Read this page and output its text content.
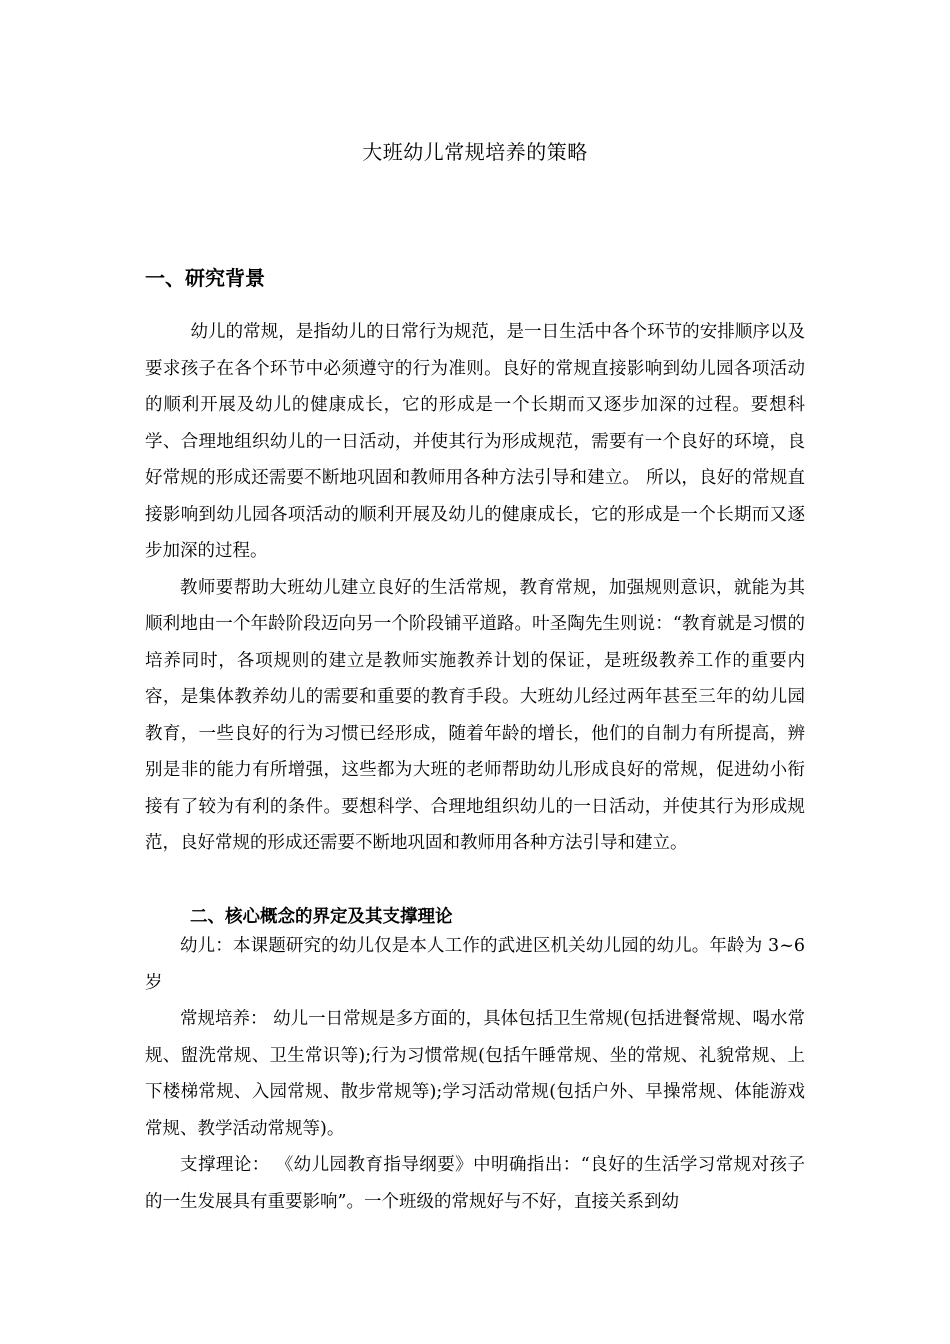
大班幼儿常规培养的策略
一、研究背景

幼儿的常规，是指幼儿的日常行为规范，是一日生活中各个环节的安排顺序以及要求孩子在各个环节中必须遵守的行为准则。良好的常规直接影响到幼儿园各项活动的顺利开展及幼儿的健康成长，它的形成是一个长期而又逐步加深的过程。要想科学、合理地组织幼儿的一日活动，并使其行为形成规范，需要有一个良好的环境，良好常规的形成还需要不断地巩固和教师用各种方法引导和建立。 所以，良好的常规直接影响到幼儿园各项活动的顺利开展及幼儿的健康成长，它的形成是一个长期而又逐步加深的过程。

教师要帮助大班幼儿建立良好的生活常规，教育常规，加强规则意识，就能为其顺利地由一个年龄阶段迈向另一个阶段铺平道路。叶圣陶先生则说：“教育就是习惯的培养同时，各项规则的建立是教师实施教养计划的保证，是班级教养工作的重要内容，是集体教养幼儿的需要和重要的教育手段。大班幼儿经过两年甚至三年的幼儿园教育，一些良好的行为习惯已经形成，随着年龄的增长，他们的自制力有所提高，辨别是非的能力有所增强，这些都为大班的老师帮助幼儿形成良好的常规，促进幼小衔接有了较为有利的条件。要想科学、合理地组织幼儿的一日活动，并使其行为形成规范，良好常规的形成还需要不断地巩固和教师用各种方法引导和建立。

二、核心概念的界定及其支撑理论

幼儿：本课题研究的幼儿仅是本人工作的武进区机关幼儿园的幼儿。年龄为 3~6 岁

常规培养： 幼儿一日常规是多方面的，具体包括卫生常规(包括进餐常规、喝水常规、盥洗常规、卫生常识等);行为习惯常规(包括午睡常规、坐的常规、礼貌常规、上下楼梯常规、入园常规、散步常规等);学习活动常规(包括户外、早操常规、体能游戏常规、教学活动常规等)。

支撑理论： 《幼儿园教育指导纲要》中明确指出：“良好的生活学习常规对孩子的一生发展具有重要影响”。一个班级的常规好与不好，直接关系到幼
